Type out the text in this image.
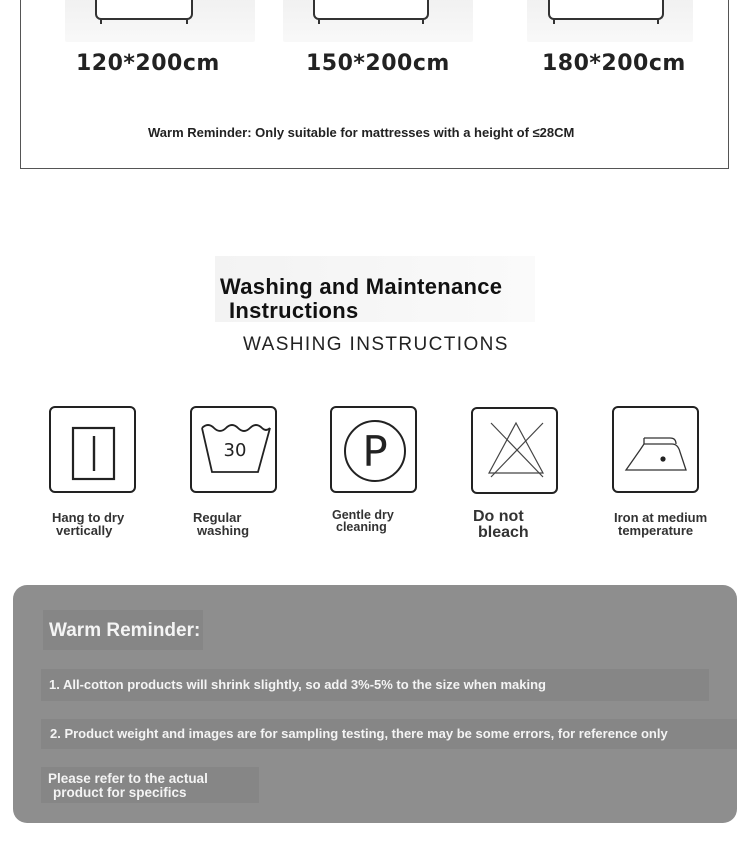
120*200cm	150*200cm	180*200cm
Warm Reminder: Only suitable for mattresses with a height of ≤28CM
Washing and Maintenance
Instructions
WASHING INSTRUCTIONS
Hang to dry
vertically
30
Regular
washing
P
Gentle dry
cleaning
Do not
bleach
Iron at medium
temperature
Warm Reminder:
1. All-cotton products will shrink slightly, so add 3%-5% to the size when making
2. Product weight and images are for sampling testing, there may be some errors, for reference only
Please refer to the actual
product for specifics
